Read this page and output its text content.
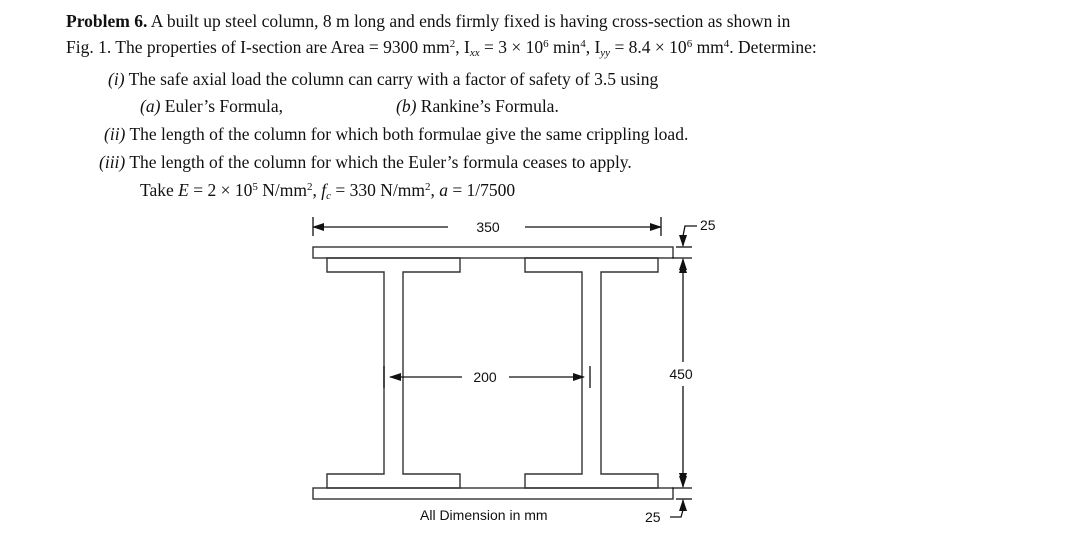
Problem 6. A built up steel column, 8 m long and ends firmly fixed is having cross-section as shown in
Fig. 1. The properties of I-section are Area = 9300 $mm^2$, $I_{xx} = 3 \times 10^6$ $\min^4$, $I_{yy} = 8.4 \times 10^6$ $mm^4$. Determine:
(i) The safe axial load the column can carry with a factor of safety of 3.5 using
(a) Euler’s Formula,	(b) Rankine’s Formula.
(ii) The length of the column for which both formulae give the same crippling load.
(iii) The length of the column for which the Euler’s formula ceases to apply.
Take $E = 2 \times 10^5$ $N/mm^2$, $f_c = 330$ $N/mm^2$, a = 1/7500
350
200	450
25
25
All Dimension in mm
